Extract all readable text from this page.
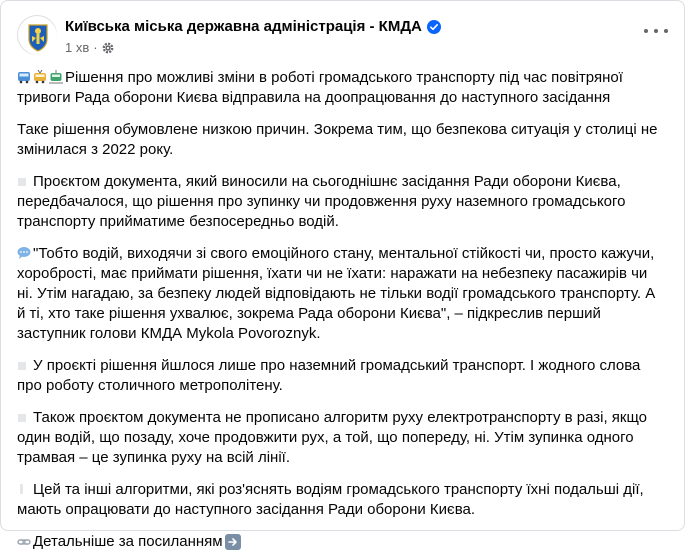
Київська міська державна адміністрація - КМДА
1 хв ·

Рішення про можливі зміни в роботі громадського транспорту під час повітряної тривоги Рада оборони Києва відправила на доопрацювання до наступного засідання

Таке рішення обумовлене низкою причин. Зокрема тим, що безпекова ситуація у столиці не змінилася з 2022 року.

Проєктом документа, який виносили на сьогоднішнє засідання Ради оборони Києва, передбачалося, що рішення про зупинку чи продовження руху наземного громадського транспорту прийматиме безпосередньо водій.

"Тобто водій, виходячи зі свого емоційного стану, ментальної стійкості чи, просто кажучи, хоробрості, має приймати рішення, їхати чи не їхати: наражати на небезпеку пасажирів чи ні. Утім нагадаю, за безпеку людей відповідають не тільки водії громадського транспорту. А й ті, хто таке рішення ухвалює, зокрема Рада оборони Києва", – підкреслив перший заступник голови КМДА Mykola Povoroznyk.

У проєкті рішення йшлося лише про наземний громадський транспорт. І жодного слова про роботу столичного метрополітену.

Також проєктом документа не прописано алгоритм руху електротранспорту в разі, якщо один водій, що позаду, хоче продовжити рух, а той, що попереду, ні. Утім зупинка одного трамвая – це зупинка руху на всій лінії.

Цей та інші алгоритми, які роз'яснять водіям громадського транспорту їхні подальші дії, мають опрацювати до наступного засідання Ради оборони Києва.

Детальніше за посиланням
